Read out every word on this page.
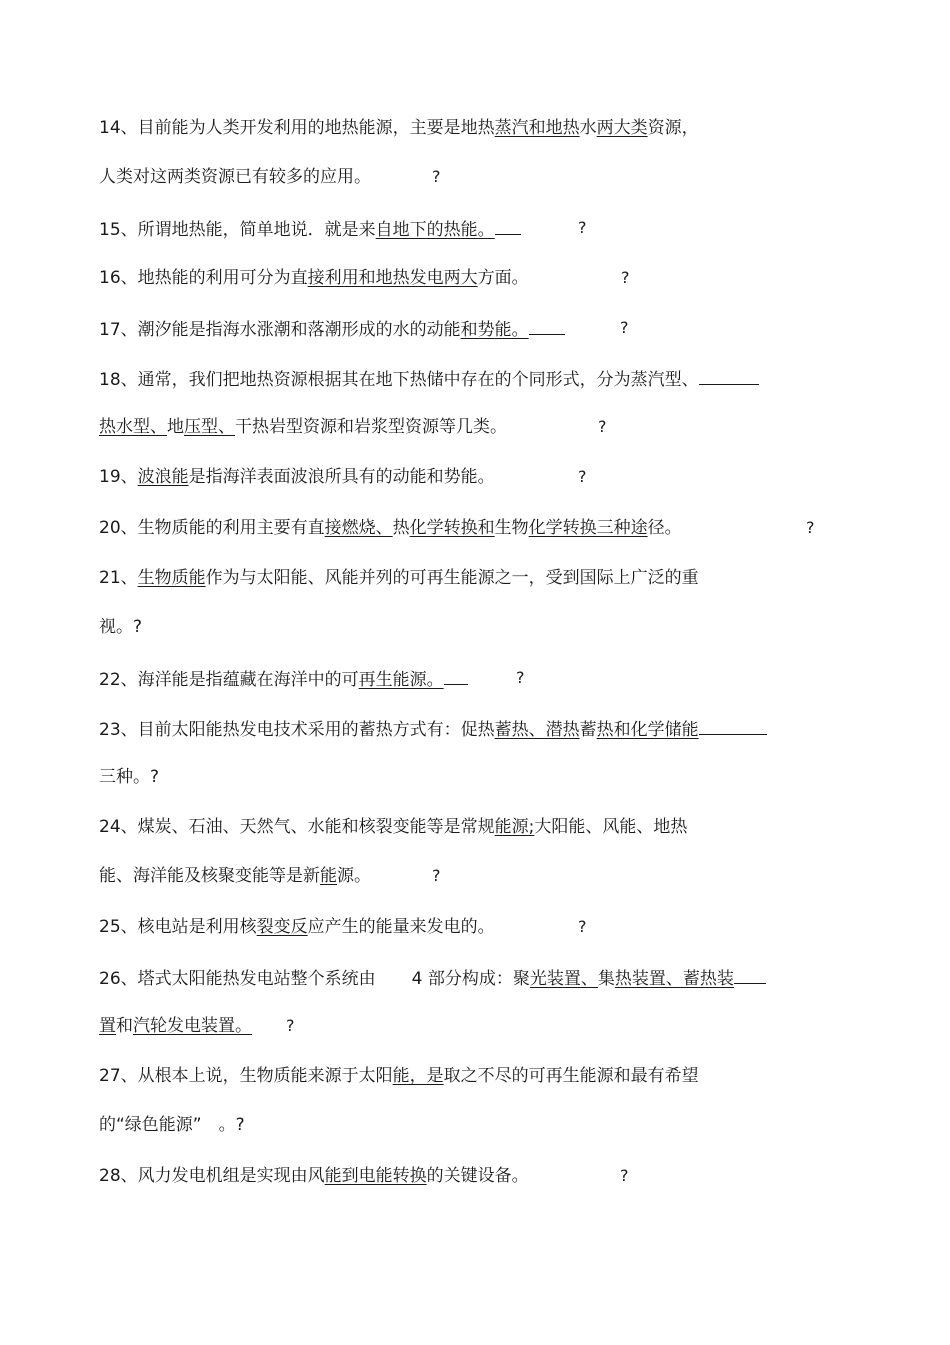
14、目前能为人类开发利用的地热能源，主要是地热蒸汽和地热水两大类资源，
人类对这两类资源已有较多的应用。	?
15、所谓地热能，简单地说．就是来自地下的热能。	?
16、地热能的利用可分为直接利用和地热发电两大方面。	?
17、潮汐能是指海水涨潮和落潮形成的水的动能和势能。	?
18、通常，我们把地热资源根据其在地下热储中存在的个同形式，分为蒸汽型、
热水型、地压型、干热岩型资源和岩浆型资源等几类。	?
19、波浪能是指海洋表面波浪所具有的动能和势能。	?
20、生物质能的利用主要有直接燃烧、热化学转换和生物化学转换三种途径。	?
21、生物质能作为与太阳能、风能并列的可再生能源之一，受到国际上广泛的重
视。?
22、海洋能是指蕴藏在海洋中的可再生能源。	?
23、目前太阳能热发电技术采用的蓄热方式有：促热蓄热、潜热蓄热和化学储能
三种。?
24、煤炭、石油、天然气、水能和核裂变能等是常规能源;大阳能、风能、地热
能、海洋能及核聚变能等是新能源。	?
25、核电站是利用核裂变反应产生的能量来发电的。	?
26、塔式太阳能热发电站整个系统由 4 部分构成：聚光装置、集热装置、蓄热装
置和汽轮发电装置。 ?
27、从根本上说，生物质能来源于太阳能，是取之不尽的可再生能源和最有希望
的“绿色能源”　。?
28、风力发电机组是实现由风能到电能转换的关键设备。	?
